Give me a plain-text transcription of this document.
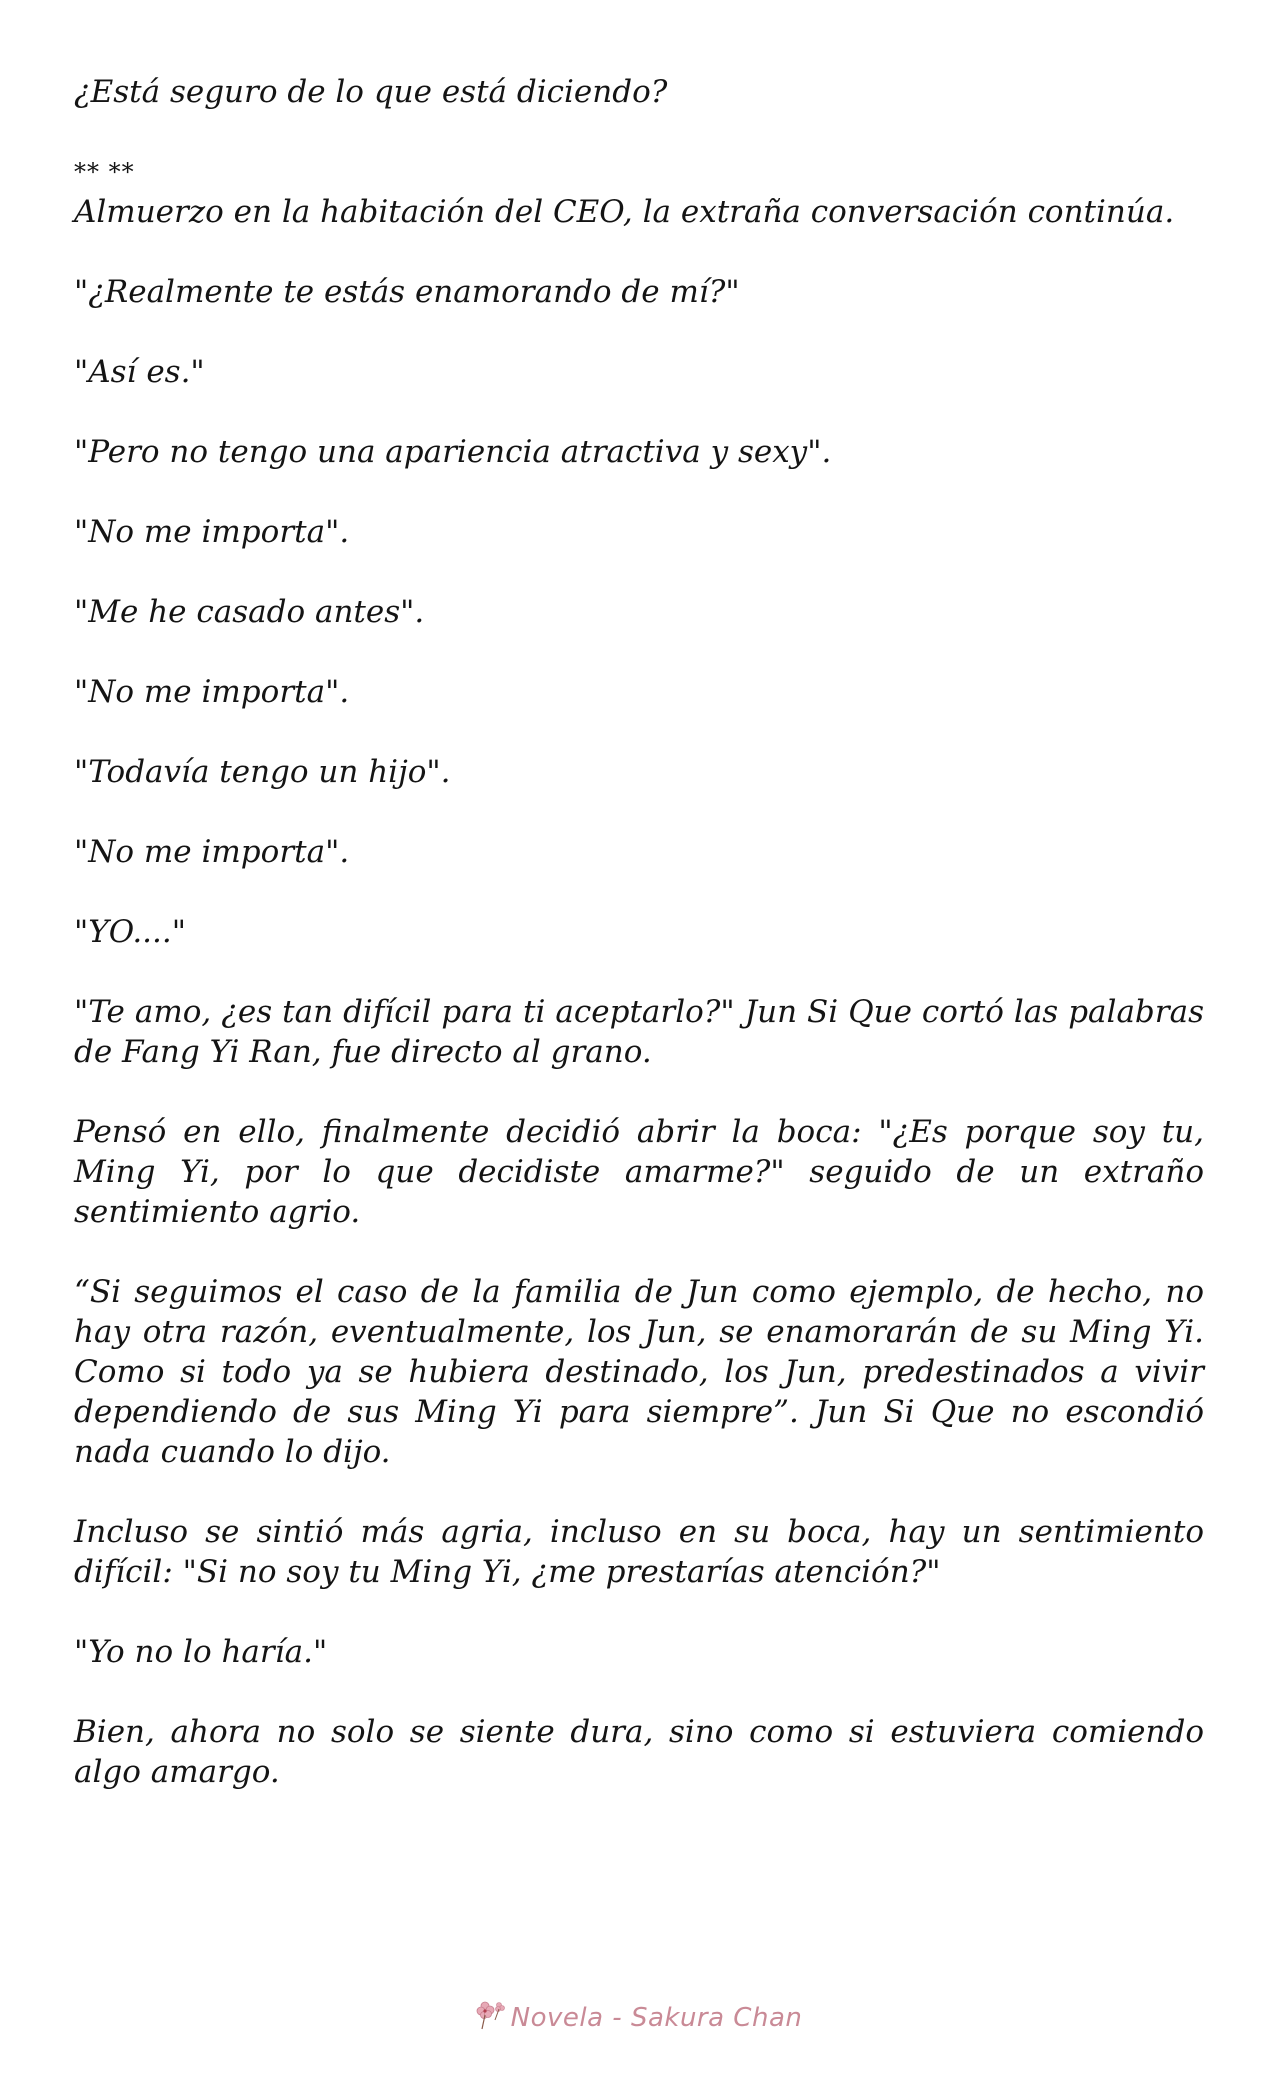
¿Está seguro de lo que está diciendo?

** **

Almuerzo en la habitación del CEO, la extraña conversación continúa.

"¿Realmente te estás enamorando de mí?"

"Así es."

"Pero no tengo una apariencia atractiva y sexy".

"No me importa".

"Me he casado antes".

"No me importa".

"Todavía tengo un hijo".

"No me importa".

"YO...."

"Te amo, ¿es tan difícil para ti aceptarlo?" Jun Si Que cortó las palabras de Fang Yi Ran, fue directo al grano.

Pensó en ello, finalmente decidió abrir la boca: "¿Es porque soy tu, Ming Yi, por lo que decidiste amarme?" seguido de un extraño sentimiento agrio.

“Si seguimos el caso de la familia de Jun como ejemplo, de hecho, no hay otra razón, eventualmente, los Jun, se enamorarán de su Ming Yi. Como si todo ya se hubiera destinado, los Jun, predestinados a vivir dependiendo de sus Ming Yi para siempre”. Jun Si Que no escondió nada cuando lo dijo.

Incluso se sintió más agria, incluso en su boca, hay un sentimiento difícil: "Si no soy tu Ming Yi, ¿me prestarías atención?"

"Yo no lo haría."

Bien, ahora no solo se siente dura, sino como si estuviera comiendo algo amargo.

Novela - Sakura Chan
